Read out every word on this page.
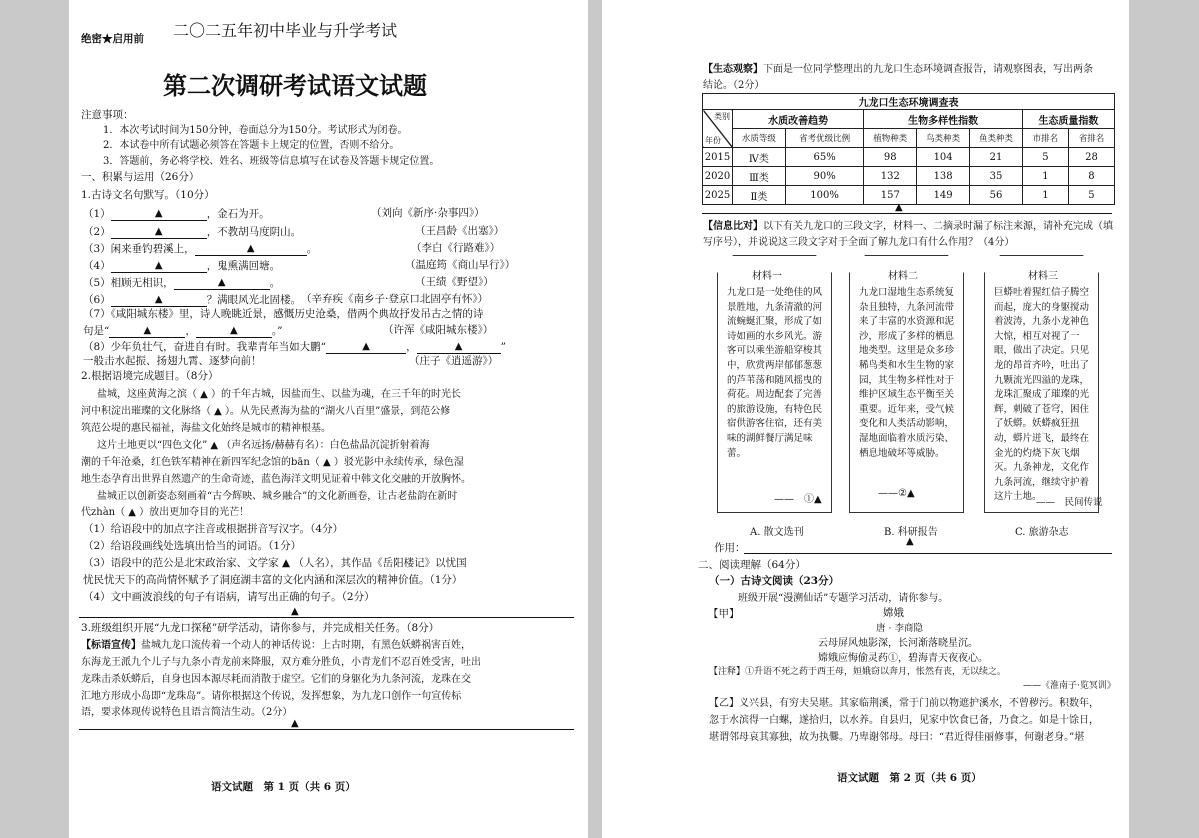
绝密★启用前 二〇二五年初中毕业与升学考试
第二次调研考试语文试题
注意事项：
1．本次考试时间为150分钟，卷面总分为150分。考试形式为闭卷。
2．本试卷中所有试题必须答在答题卡上规定的位置，否则不给分。
3．答题前，务必将学校、姓名、班级等信息填写在试卷及答题卡规定位置。
一、积累与运用（26分）
1.古诗文名句默写。（10分）
（1）	▲	，金石为开。	（刘向《新序·杂事四》）
（2）	▲	，不教胡马度阴山。	（王昌龄《出塞》）
（3）闲来垂钓碧溪上，	▲	。	（李白《行路难》）
（4）	▲	，鬼熏满回塘。	（温庭筠《商山早行》）
（5）相顾无相识，	▲	。	（王绩《野望》）
（6）	▲	？满眼风光北固楼。 （辛弃疾《南乡子·登京口北固亭有怀》）
（7）《咸阳城东楼》里，诗人晚眺近景，感慨历史沧桑，借两个典故抒发吊古之情的诗
句是“	▲	，	▲	。”	（许浑《咸阳城东楼》）
（8）少年负壮气，奋进自有时。我辈青年当如大鹏“	▲	，	▲	”
一般击水起振、扬翅九霄、逐梦向前！	（庄子《逍遥游》）
2.根据语境完成题目。（8分）
盐城，这座黄海之滨（ ▲ ）的千年古城，因盐而生、以盐为魂，在三千年的时光长
河中积淀出璀璨的文化脉络（ ▲ ）。从先民煮海为盐的“湖火八百里”盛景，到范公修
筑范公堤的惠民福祉，海盐文化始终是城市的精神根基。
这片土地更以“四色文化” ▲ （声名远扬/赫赫有名）：白色盐晶沉淀折射着海
潮的千年沧桑，红色铁军精神在新四军纪念馆的bān（ ▲ ）驳光影中永续传承，绿色湿
地生态孕育出世界自然遗产的生命奇迹，蓝色海洋文明见证着中韩文化交融的开放胸怀。
盐城正以创新姿态刻画着“古今辉映、城乡融合”的文化新画卷，让古老盐韵在新时
代zhàn（ ▲ ）放出更加夺目的光芒！
（1）给语段中的加点字注音或根据拼音写汉字。（4分）
（2）给语段画线处选填出恰当的词语。（1分）
（3）语段中的范公是北宋政治家、文学家 ▲ （人名），其作品《岳阳楼记》以忧国
忧民忧天下的高尚情怀赋予了洞庭湖丰富的文化内涵和深层次的精神价值。（1分）
（4）文中画波浪线的句子有语病，请写出正确的句子。（2分）
▲
3.班级组织开展“九龙口探秘”研学活动，请你参与，并完成相关任务。（8分）
【标语宣传】盐城九龙口流传着一个动人的神话传说：上古时期，有黑色妖蟒祸害百姓，
东海龙王派九个儿子与九条小青龙前来降服，双方难分胜负，小青龙们不忍百姓受害，吐出
龙珠击杀妖蟒后，自身也因本源尽耗而消散于虚空。它们的身躯化为九条河流，龙珠在交
汇地方形成小岛即“龙珠岛”。请你根据这个传说，发挥想象，为九龙口创作一句宣传标
语，要求体现传说特色且语言简洁生动。（2分）
▲
语文试题　第 1 页（共 6 页）
【生态观察】下面是一位同学整理出的九龙口生态环境调查报告，请观察图表，写出两条
结论。（2分）
九龙口生态环境调查表							

类别
年份	水质改善趋势		生物多样性指数			生态质量指数	
	水质等级	省考优级比例	植物种类	鸟类种类	鱼类种类	市排名	省排名
2015	Ⅳ类	65%	98	104	21	5	28
2020	Ⅲ类	90%	132	138	35	1	8
2025	Ⅱ类	100%	157	149	56	1	5
▲
【信息比对】以下有关九龙口的三段文字，材料一、二摘录时漏了标注来源，请补充完成（填
写序号），并说说这三段文字对于全面了解九龙口有什么作用？（4分）
材料一
九龙口是一处绝佳的风景胜地，九条清澈的河流蜿蜒汇聚，形成了如诗如画的水乡风光。游客可以乘坐游船穿梭其中，欣赏两岸郁郁葱葱的芦苇荡和随风摇曳的荷花。周边配套了完善的旅游设施，有特色民宿供游客住宿，还有美味的湖鲜餐厅满足味蕾。
——　①▲
材料二
九龙口湿地生态系统复杂且独特，九条河流带来了丰富的水资源和泥沙，形成了多样的栖息地类型。这里是众多珍稀鸟类和水生生物的家园，其生物多样性对于维护区域生态平衡至关重要。近年来，受气候变化和人类活动影响，湿地面临着水质污染、栖息地破坏等威胁。
——②▲
材料三
巨蟒吐着猩红信子腾空而起，庞大的身躯搅动着波涛，九条小龙神色大惊，相互对视了一眼，做出了决定。只见龙的昂首齐吟，吐出了九颗流光四溢的龙珠，龙珠汇聚成了璀璨的光辉，刺破了苍穹，困住了妖蟒。妖蟒疯狂扭动，蟒片迸飞，最终在金光的灼烧下灰飞烟灭。九条神龙，文化作九条河流，继续守护着这片土地。
——　民间传说
A. 散文选刊	B. 科研报告	C. 旅游杂志
▲
作用：
二、阅读理解（64分）
（一）古诗文阅读（23分）
班级开展“漫溯仙话”专题学习活动，请你参与。
【甲】	嫦娥
唐 · 李商隐
云母屏风烛影深，长河渐落晓星沉。
嫦娥应悔偷灵药①，碧海青天夜夜心。
【注释】①升语不死之药于西王母，姮娥窃以奔月，怅然有丧，无以续之。
——《淮南子·览冥训》
【乙】义兴县，有穷夫吴堪。其家临荆溪，常于门前以物遮护溪水，不曾秽污。积数年，
忽于水滨得一白螺，遂拾归，以水养。自县归，见家中饮食已备，乃食之。如是十馀日，
堪谓邻母哀其寡独，故为执爨。乃卑谢邻母。母曰：“君近得佳丽修事，何谢老身。”堪
语文试题　第 2 页（共 6 页）
